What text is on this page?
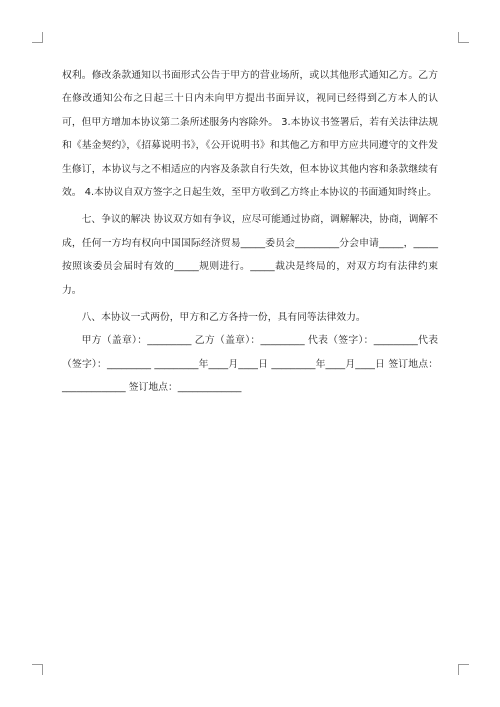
权利。修改条款通知以书面形式公告于甲方的营业场所，或以其他形式通知乙方。乙方在修改通知公布之日起三十日内未向甲方提出书面异议，视同已经得到乙方本人的认可，但甲方增加本协议第二条所述服务内容除外。 3.本协议书签署后，若有关法律法规和《基金契约》，《招募说明书》，《公开说明书》和其他乙方和甲方应共同遵守的文件发生修订，本协议与之不相适应的内容及条款自行失效，但本协议其他内容和条款继续有效。 4.本协议自双方签字之日起生效，至甲方收到乙方终止本协议的书面通知时终止。

七、争议的解决 协议双方如有争议，应尽可能通过协商，调解解决，协商，调解不成，任何一方均有权向中国国际经济贸易_____委员会_________分会申请_____，_____按照该委员会届时有效的_____规则进行。_____裁决是终局的，对双方均有法律约束力。

八、本协议一式两份，甲方和乙方各持一份，具有同等法律效力。

甲方（盖章）：_________ 乙方（盖章）：_________ 代表（签字）：_________代表（签字）：_________ _________年____月____日 _________年____月____日 签订地点：_____________ 签订地点：_____________
